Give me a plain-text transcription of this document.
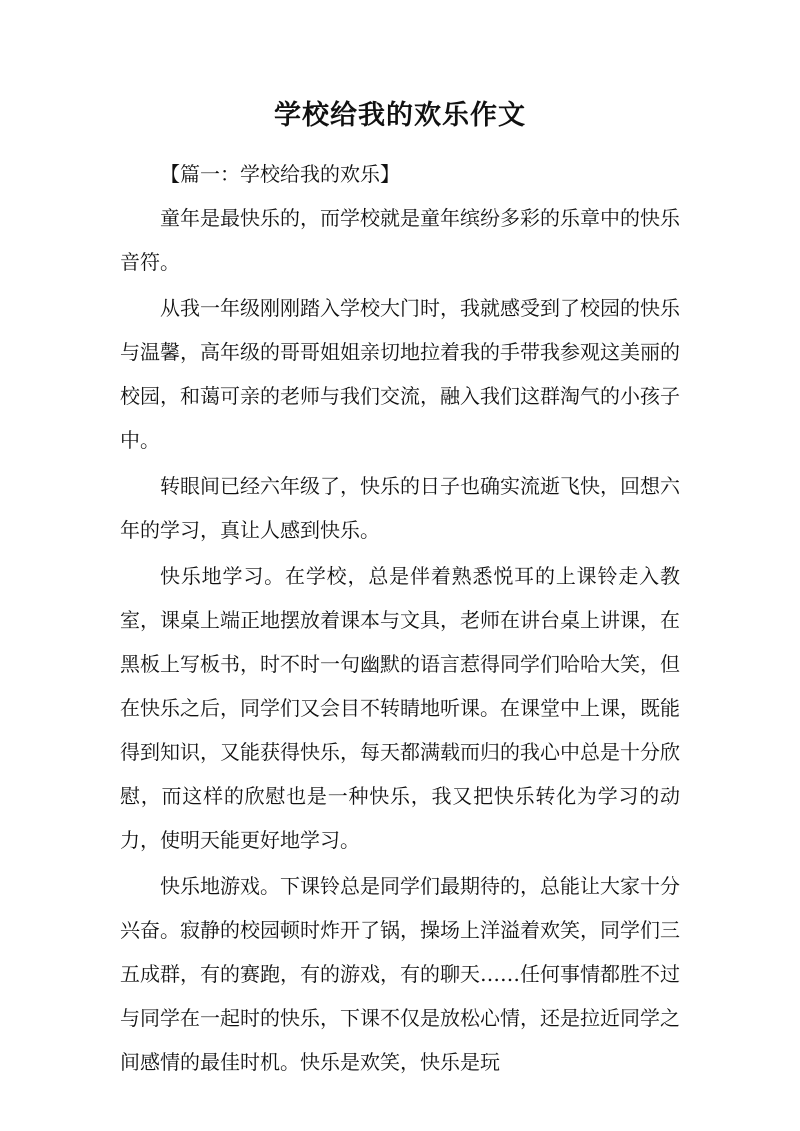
学校给我的欢乐作文

【篇一：学校给我的欢乐】

童年是最快乐的，而学校就是童年缤纷多彩的乐章中的快乐音符。

从我一年级刚刚踏入学校大门时，我就感受到了校园的快乐与温馨，高年级的哥哥姐姐亲切地拉着我的手带我参观这美丽的校园，和蔼可亲的老师与我们交流，融入我们这群淘气的小孩子中。

转眼间已经六年级了，快乐的日子也确实流逝飞快，回想六年的学习，真让人感到快乐。

快乐地学习。在学校，总是伴着熟悉悦耳的上课铃走入教室，课桌上端正地摆放着课本与文具，老师在讲台桌上讲课，在黑板上写板书，时不时一句幽默的语言惹得同学们哈哈大笑，但在快乐之后，同学们又会目不转睛地听课。在课堂中上课，既能得到知识，又能获得快乐，每天都满载而归的我心中总是十分欣慰，而这样的欣慰也是一种快乐，我又把快乐转化为学习的动力，使明天能更好地学习。

快乐地游戏。下课铃总是同学们最期待的，总能让大家十分兴奋。寂静的校园顿时炸开了锅，操场上洋溢着欢笑，同学们三五成群，有的赛跑，有的游戏，有的聊天……任何事情都胜不过与同学在一起时的快乐，下课不仅是放松心情，还是拉近同学之间感情的最佳时机。快乐是欢笑，快乐是玩
